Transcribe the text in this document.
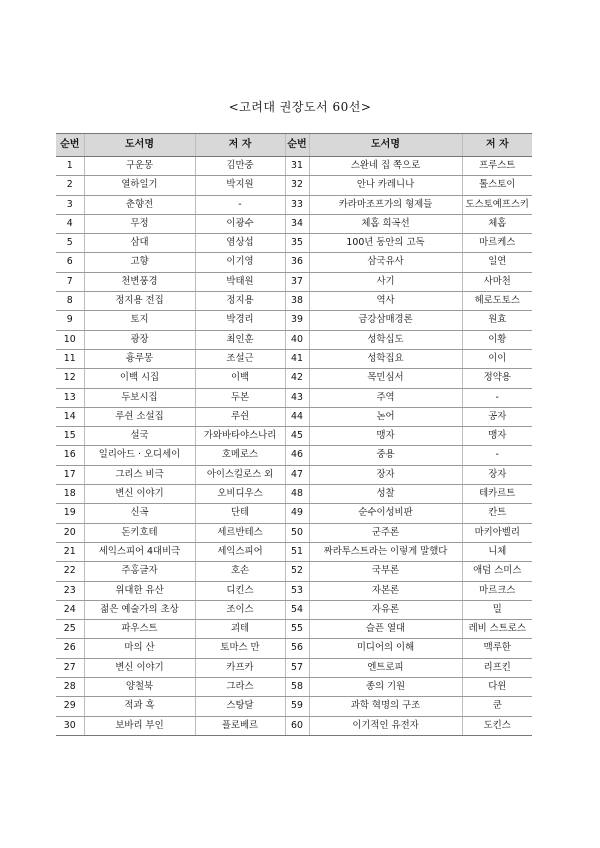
<고려대 권장도서 60선>
순번	도서명	저 자	순번	도서명	저 자
1	구운몽	김만중	31	스완네 집 쪽으로	프루스트
2	열하일기	박지원	32	안나 카레니나	톨스토이
3	춘향전	-	33	카라마조프가의 형제들	도스토예프스키
4	무정	이광수	34	체홉 희곡선	체홉
5	삼대	염상섭	35	100년 동안의 고독	마르케스
6	고향	이기영	36	삼국유사	일연
7	천변풍경	박태원	37	사기	사마천
8	정지용 전집	정지용	38	역사	헤로도토스
9	토지	박경리	39	금강삼매경론	원효
10	광장	최인훈	40	성학십도	이황
11	흉루몽	조설근	41	성학집요	이이
12	이백 시집	이백	42	목민심서	정약용
13	두보시집	두본	43	주역	-
14	루쉰 소설집	루쉰	44	논어	공자
15	설국	가와바타야스나리	45	맹자	맹자
16	일리아드 · 오디세이	호메로스	46	중용	-
17	그리스 비극	아이스킬로스 외	47	장자	장자
18	변신 이야기	오비디우스	48	성찰	테카르트
19	신곡	단테	49	순수이성비판	칸트
20	돈키호테	세르반테스	50	군주론	마키아벨리
21	세익스피어 4대비극	세익스피어	51	짜라투스트라는 이렇게 말했다	니체
22	주홍글자	호손	52	국부론	애덤 스미스
23	위대한 유산	디킨스	53	자본론	마르크스
24	젊은 예술가의 초상	조이스	54	자유론	밀
25	파우스트	괴테	55	슬픈 열대	레비 스트로스
26	마의 산	토마스 만	56	미디어의 이해	맥루한
27	변신 이야기	카프카	57	엔트로피	리프킨
28	양철북	그라스	58	종의 기원	다윈
29	적과 흑	스탕달	59	과학 혁명의 구조	쿤
30	보바리 부인	플로베르	60	이기적인 유전자	도킨스
